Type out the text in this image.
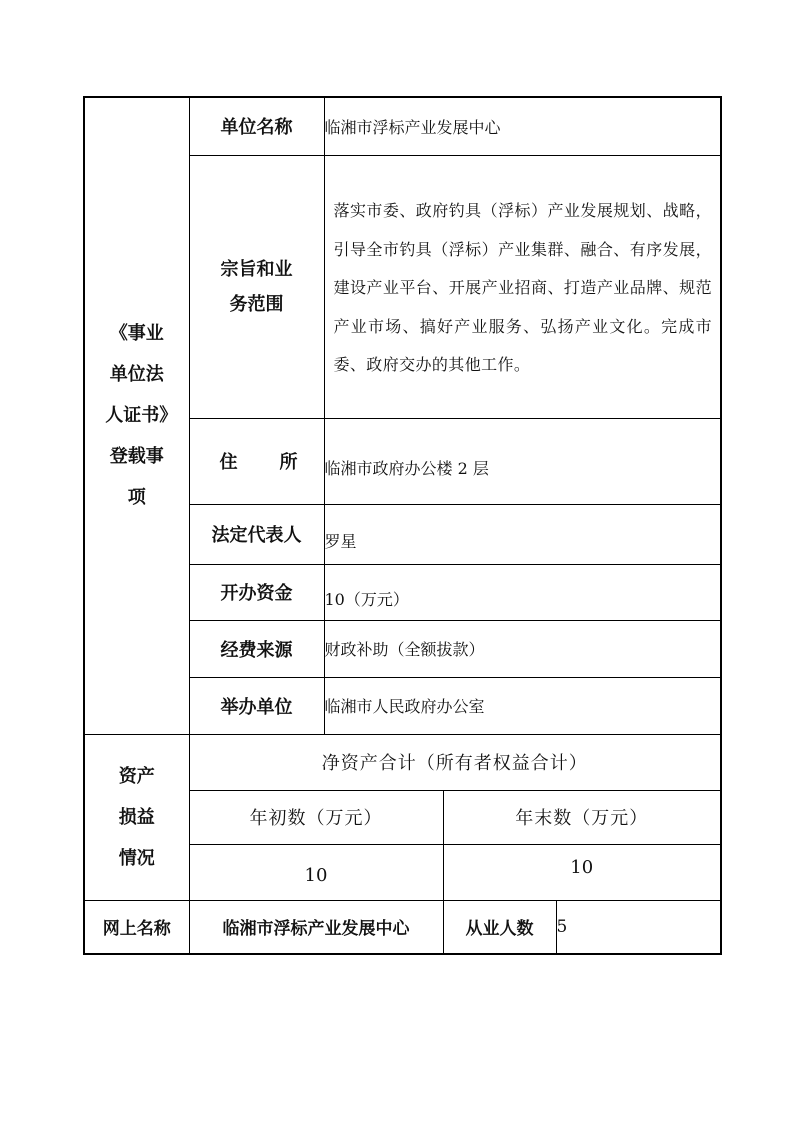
《事业单位法人证书》登载事项	单位名称	临湘市浮标产业发展中心		

	宗旨和业务范围	落实市委、政府钓具（浮标）产业发展规划、战略，引导全市钓具（浮标）产业集群、融合、有序发展，建设产业平台、开展产业招商、打造产业品牌、规范产业市场、搞好产业服务、弘扬产业文化。完成市委、政府交办的其他工作。		

	住 所	临湘市政府办公楼 2 层		
	法定代表人	罗星		
	开办资金	10（万元）		
	经费来源	财政补助（全额拔款）		
	举办单位	临湘市人民政府办公室		

资产损益情况	净资产合计（所有者权益合计）			
	年初数（万元）		年末数（万元）	
	10		10	
网上名称	临湘市浮标产业发展中心		从业人数	5
